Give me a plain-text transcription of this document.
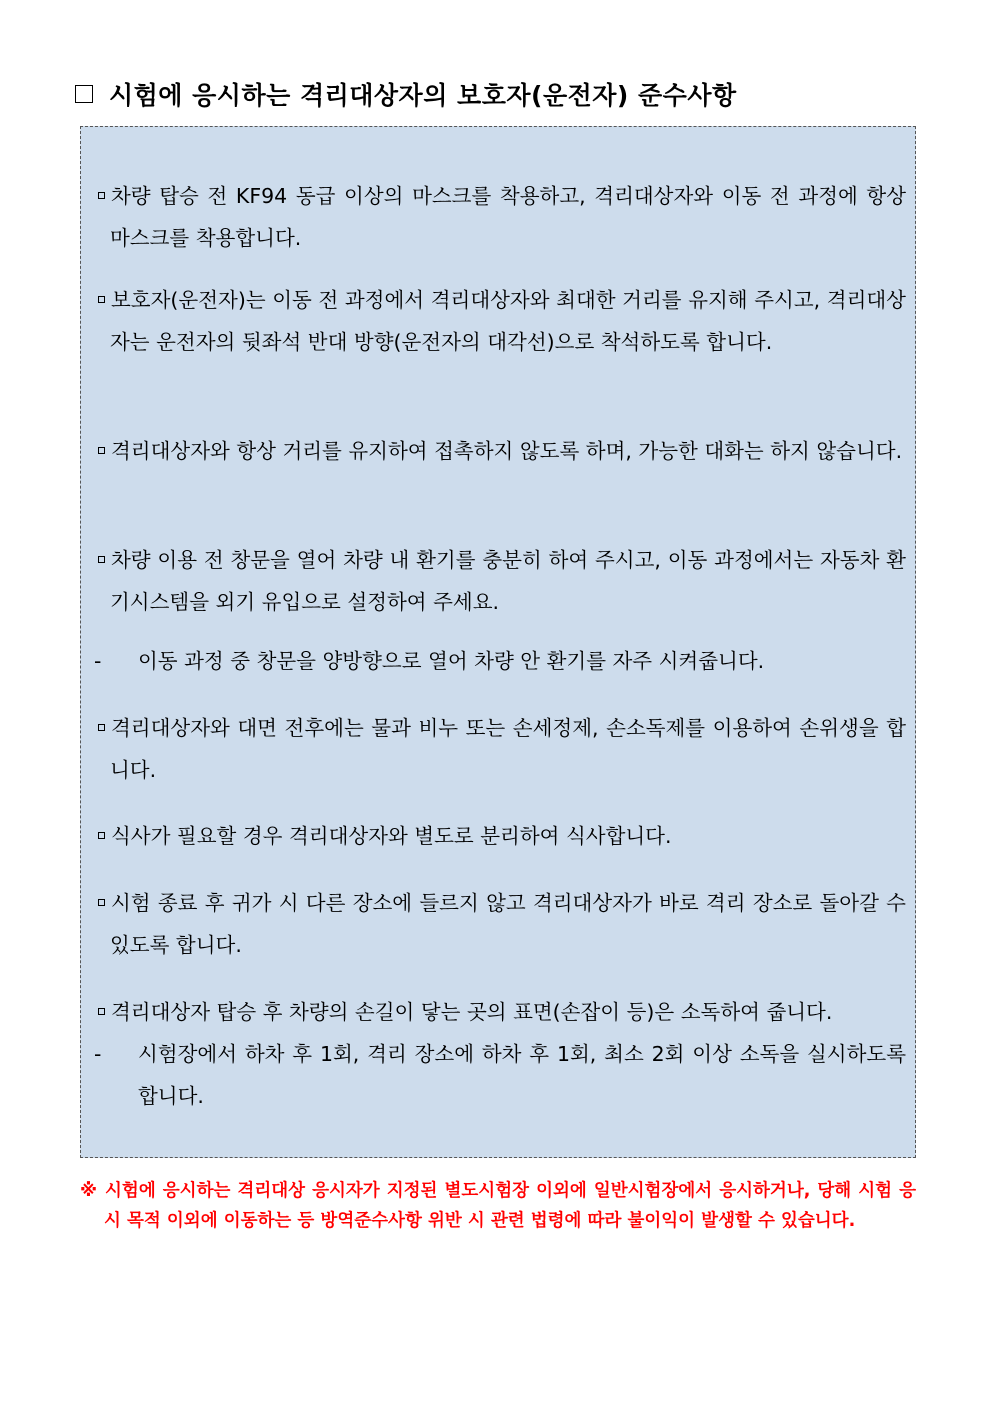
시험에 응시하는 격리대상자의 보호자(운전자) 준수사항
차량 탑승 전 KF94 동급 이상의 마스크를 착용하고, 격리대상자와 이동 전 과정에 항상 마스크를 착용합니다.
보호자(운전자)는 이동 전 과정에서 격리대상자와 최대한 거리를 유지해 주시고, 격리대상자는 운전자의 뒷좌석 반대 방향(운전자의 대각선)으로 착석하도록 합니다.
격리대상자와 항상 거리를 유지하여 접촉하지 않도록 하며, 가능한 대화는 하지 않습니다.
차량 이용 전 창문을 열어 차량 내 환기를 충분히 하여 주시고, 이동 과정에서는 자동차 환기시스템을 외기 유입으로 설정하여 주세요.
- 이동 과정 중 창문을 양방향으로 열어 차량 안 환기를 자주 시켜줍니다.
격리대상자와 대면 전후에는 물과 비누 또는 손세정제, 손소독제를 이용하여 손위생을 합니다.
식사가 필요할 경우 격리대상자와 별도로 분리하여 식사합니다.
시험 종료 후 귀가 시 다른 장소에 들르지 않고 격리대상자가 바로 격리 장소로 돌아갈 수 있도록 합니다.
격리대상자 탑승 후 차량의 손길이 닿는 곳의 표면(손잡이 등)은 소독하여 줍니다.
- 시험장에서 하차 후 1회, 격리 장소에 하차 후 1회, 최소 2회 이상 소독을 실시하도록 합니다.
※ 시험에 응시하는 격리대상 응시자가 지정된 별도시험장 이외에 일반시험장에서 응시하거나, 당해 시험 응시 목적 이외에 이동하는 등 방역준수사항 위반 시 관련 법령에 따라 불이익이 발생할 수 있습니다.
